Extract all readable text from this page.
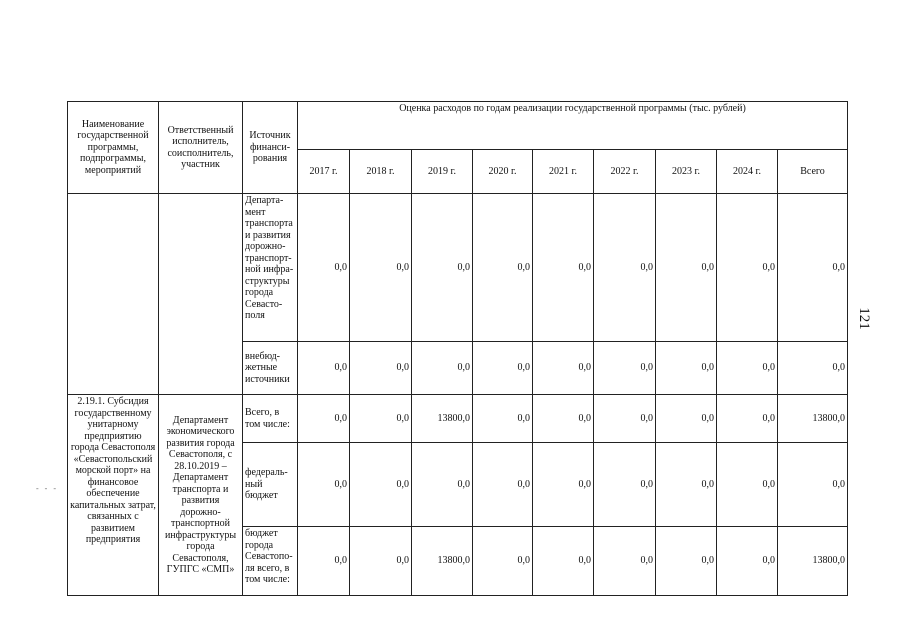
Наименование государственной программы, подпрограммы, мероприятий	Ответственный исполнитель, соисполнитель, участник	Источник финанси-рования	Оценка расходов по годам реализации государственной программы (тыс. рублей)								
			2017 г.	2018 г.	2019 г.	2020 г.	2021 г.	2022 г.	2023 г.	2024 г.	Всего
		Департа-мент транспорта и развития дорожно-транспорт-ной инфра-структуры города Севасто-поля	0,0	0,0	0,0	0,0	0,0	0,0	0,0	0,0	0,0
		внебюд-жетные источники	0,0	0,0	0,0	0,0	0,0	0,0	0,0	0,0	0,0
2.19.1. Субсидия государственному унитарному предприятию города Севастополя «Севастопольский морской порт» на финансовое обеспечение капитальных затрат, связанных с развитием предприятия	Департамент экономического развития города Севастополя, с 28.10.2019 – Департамент транспорта и развития дорожно-транспортной инфраструктуры города Севастополя, ГУПГС «СМП»	Всего, в том числе:	0,0	0,0	13800,0	0,0	0,0	0,0	0,0	0,0	13800,0
		федераль-ный бюджет	0,0	0,0	0,0	0,0	0,0	0,0	0,0	0,0	0,0
		бюджет города Севастопо-ля всего, в том числе:	0,0	0,0	13800,0	0,0	0,0	0,0	0,0	0,0	13800,0
121
- - -
